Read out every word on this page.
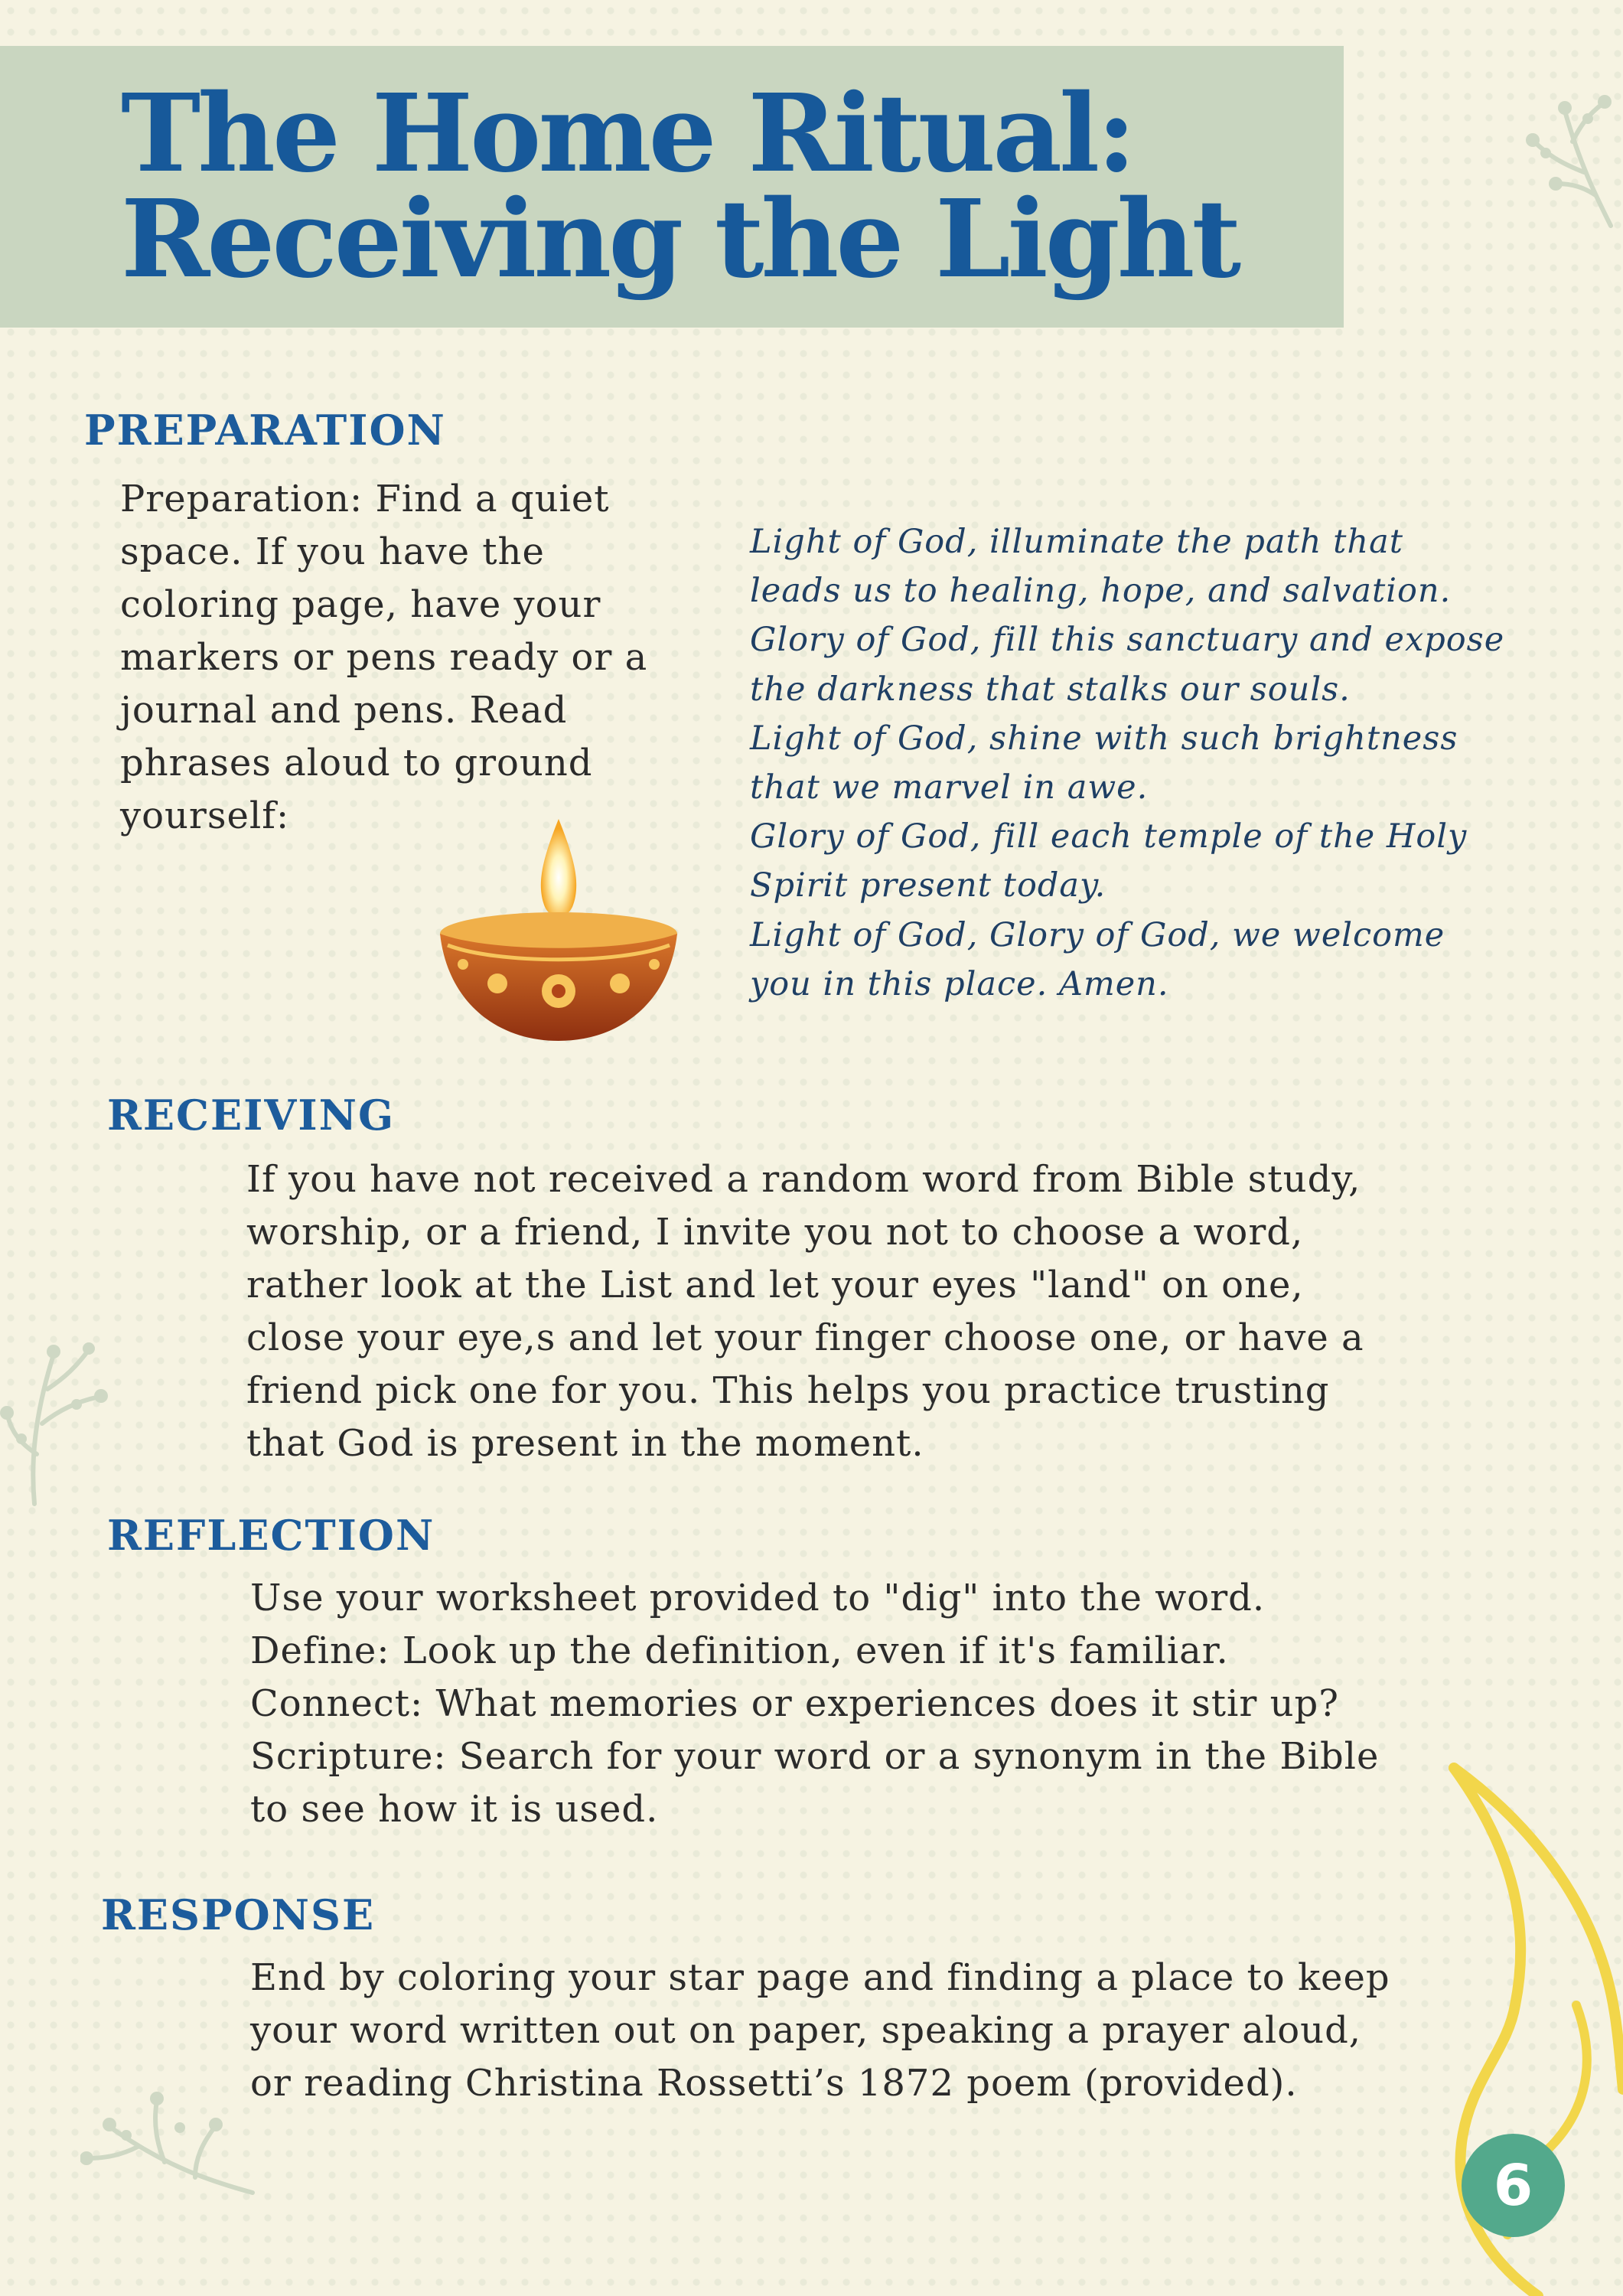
The Home Ritual:
Receiving the Light
PREPARATION
Preparation: Find a quiet
space. If you have the
coloring page, have your
markers or pens ready or a
journal and pens. Read
phrases aloud to ground
yourself:
Light of God, illuminate the path that
leads us to healing, hope, and salvation.
Glory of God, fill this sanctuary and expose
the darkness that stalks our souls.
Light of God, shine with such brightness
that we marvel in awe.
Glory of God, fill each temple of the Holy
Spirit present today.
Light of God, Glory of God, we welcome
you in this place. Amen.
RECEIVING
If you have not received a random word from Bible study,
worship, or a friend, I invite you not to choose a word,
rather look at the List and let your eyes "land" on one,
close your eye,s and let your finger choose one, or have a
friend pick one for you. This helps you practice trusting
that God is present in the moment.
REFLECTION
Use your worksheet provided to "dig" into the word.
Define: Look up the definition, even if it's familiar.
Connect: What memories or experiences does it stir up?
Scripture: Search for your word or a synonym in the Bible
to see how it is used.
RESPONSE
End by coloring your star page and finding a place to keep
your word written out on paper, speaking a prayer aloud,
or reading Christina Rossetti’s 1872 poem (provided).
6
